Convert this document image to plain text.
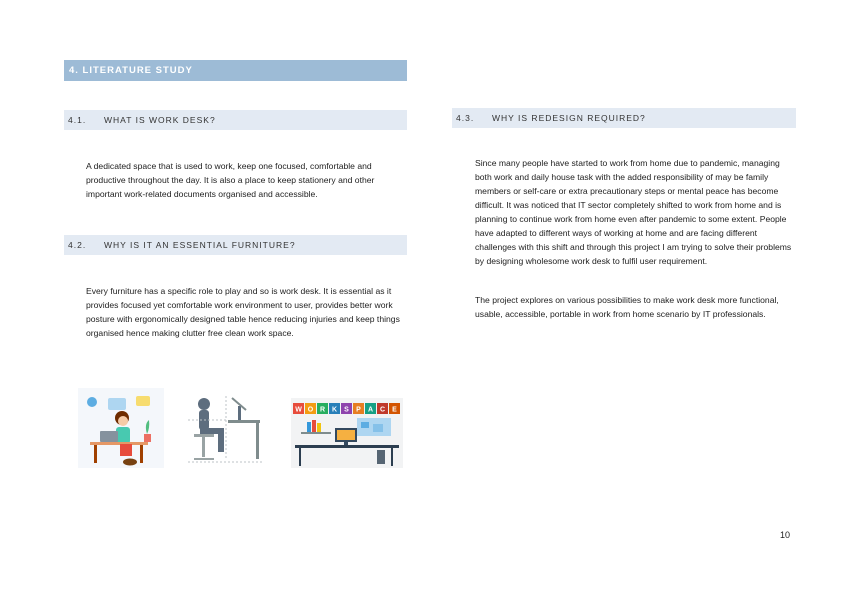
4. LITERATURE STUDY
4.1. WHAT IS WORK DESK?
A dedicated space that is used to work, keep one focused, comfortable and productive throughout the day. It is also a place to keep stationery and other important work-related documents organised and accessible.
4.2. WHY IS IT AN ESSENTIAL FURNITURE?
Every furniture has a specific role to play and so is work desk. It is essential as it provides focused yet comfortable work environment to user, provides better work posture with ergonomically designed table hence reducing injuries and keep things organised hence making clutter free clean work space.
4.3. WHY IS REDESIGN REQUIRED?
Since many people have started to work from home due to pandemic, managing both work and daily house task with the added responsibility of may be family members or self-care or extra precautionary steps or mental peace has become difficult. It was noticed that IT sector completely shifted to work from home and is planning to continue work from home even after pandemic to some extent. People have adapted to different ways of working at home and are facing different challenges with this shift and through this project I am trying to solve their problems by designing wholesome work desk to fulfil user requirement.
The project explores on various possibilities to make work desk more functional, usable, accessible, portable in work from home scenario by IT professionals.
W O R K S P A C E
10
